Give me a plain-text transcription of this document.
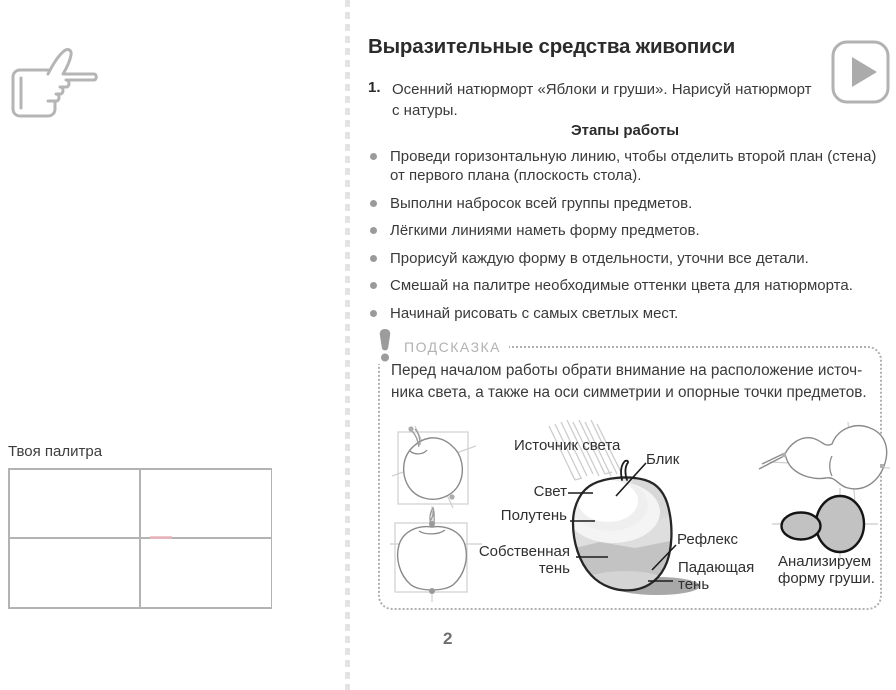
Твоя палитра
Выразительные средства живописи
1. Осенний натюрморт «Яблоки и груши». Нарисуй натюрморт
с натуры.
Этапы работы
Проведи горизонтальную линию, чтобы отделить второй план (стена)
от первого плана (плоскость стола).
Выполни набросок всей группы предметов.
Лёгкими линиями наметь форму предметов.
Прорисуй каждую форму в отдельности, уточни все детали.
Смешай на палитре необходимые оттенки цвета для натюрморта.
Начинай рисовать с самых светлых мест.
ПОДСКАЗКА
Перед началом работы обрати внимание на расположение источ-
ника света, а также на оси симметрии и опорные точки предметов.
Источник света
Блик
Свет
Полутень
Собственная
тень
Рефлекс
Падающая
тень
Анализируем
форму груши.
2
